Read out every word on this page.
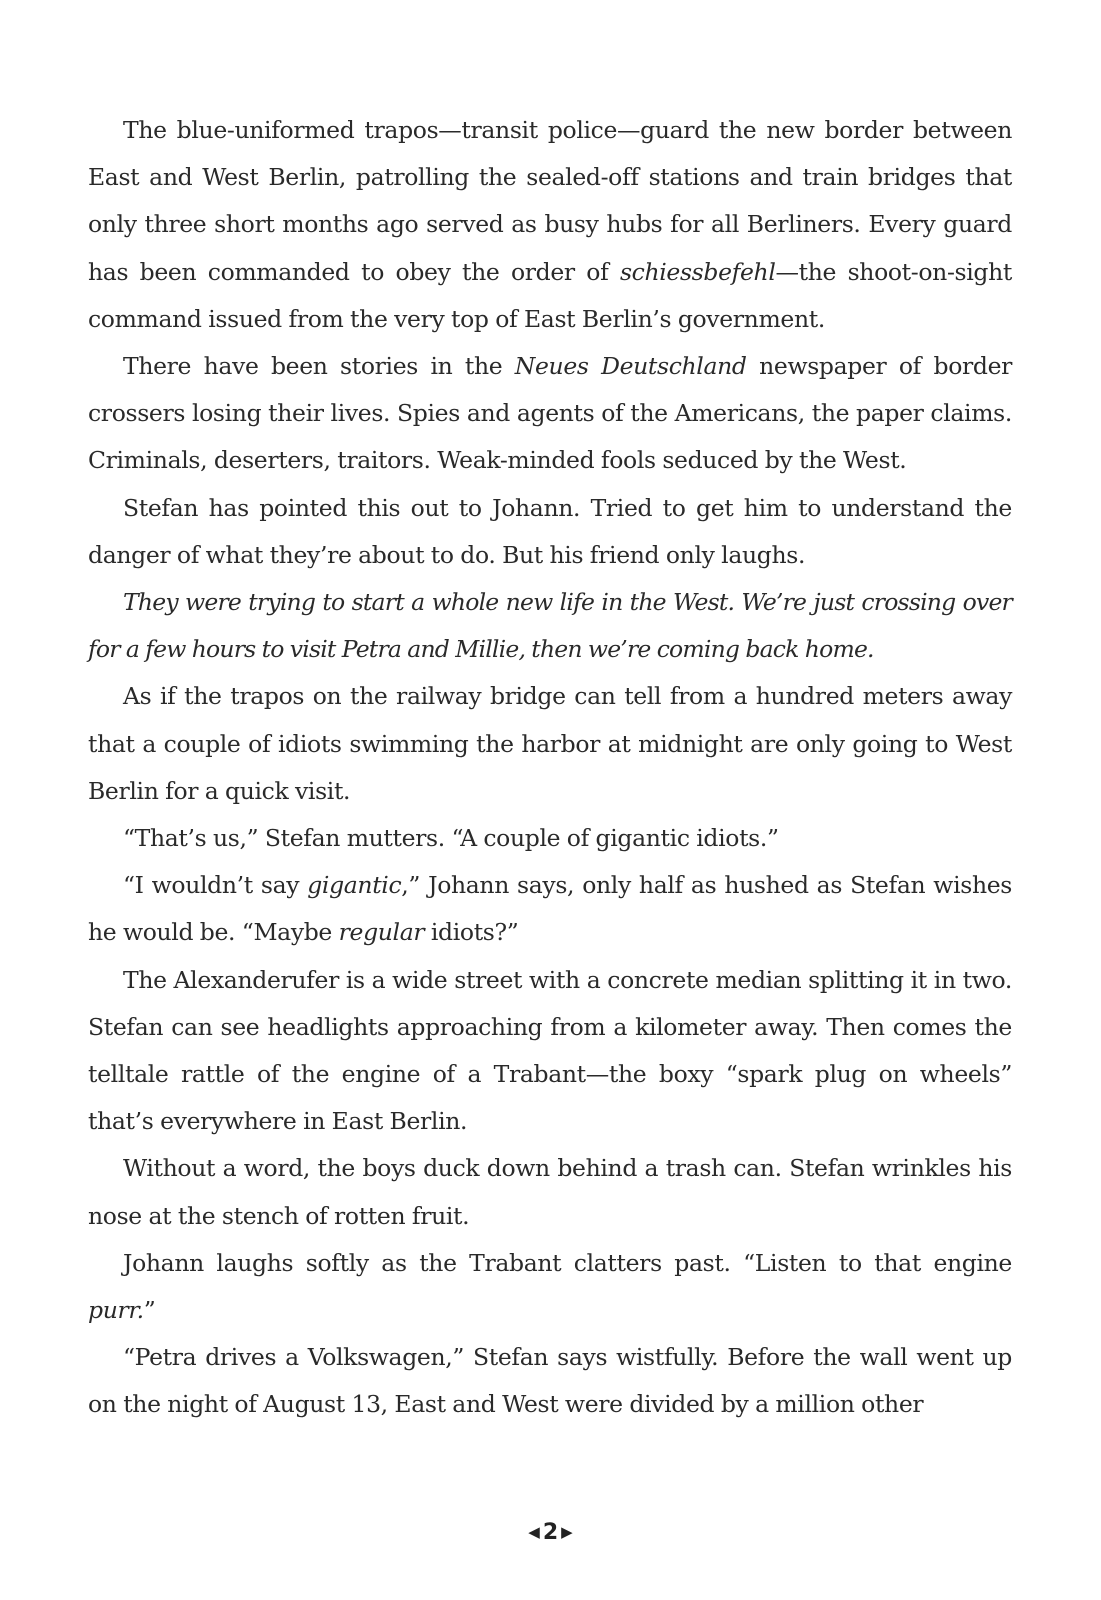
The blue-uniformed trapos—transit police—guard the new border between East and West Berlin, patrolling the sealed-off stations and train bridges that only three short months ago served as busy hubs for all Berliners. Every guard has been commanded to obey the order of schiessbefehl—the shoot-on-sight command issued from the very top of East Berlin’s government.

There have been stories in the Neues Deutschland newspaper of border crossers losing their lives. Spies and agents of the Americans, the paper claims. Criminals, deserters, traitors. Weak-minded fools seduced by the West.

Stefan has pointed this out to Johann. Tried to get him to understand the danger of what they’re about to do. But his friend only laughs.

They were trying to start a whole new life in the West. We’re just crossing over for a few hours to visit Petra and Millie, then we’re coming back home.

As if the trapos on the railway bridge can tell from a hundred meters away that a couple of idiots swimming the harbor at midnight are only going to West Berlin for a quick visit.

“That’s us,” Stefan mutters. “A couple of gigantic idiots.”

“I wouldn’t say gigantic,” Johann says, only half as hushed as Stefan wishes he would be. “Maybe regular idiots?”

The Alexanderufer is a wide street with a concrete median splitting it in two. Stefan can see headlights approaching from a kilometer away. Then comes the telltale rattle of the engine of a Trabant—the boxy “spark plug on wheels” that’s everywhere in East Berlin.

Without a word, the boys duck down behind a trash can. Stefan wrinkles his nose at the stench of rotten fruit.

Johann laughs softly as the Trabant clatters past. “Listen to that engine purr.”

“Petra drives a Volkswagen,” Stefan says wistfully. Before the wall went up on the night of August 13, East and West were divided by a million other

◀ 2 ▶
